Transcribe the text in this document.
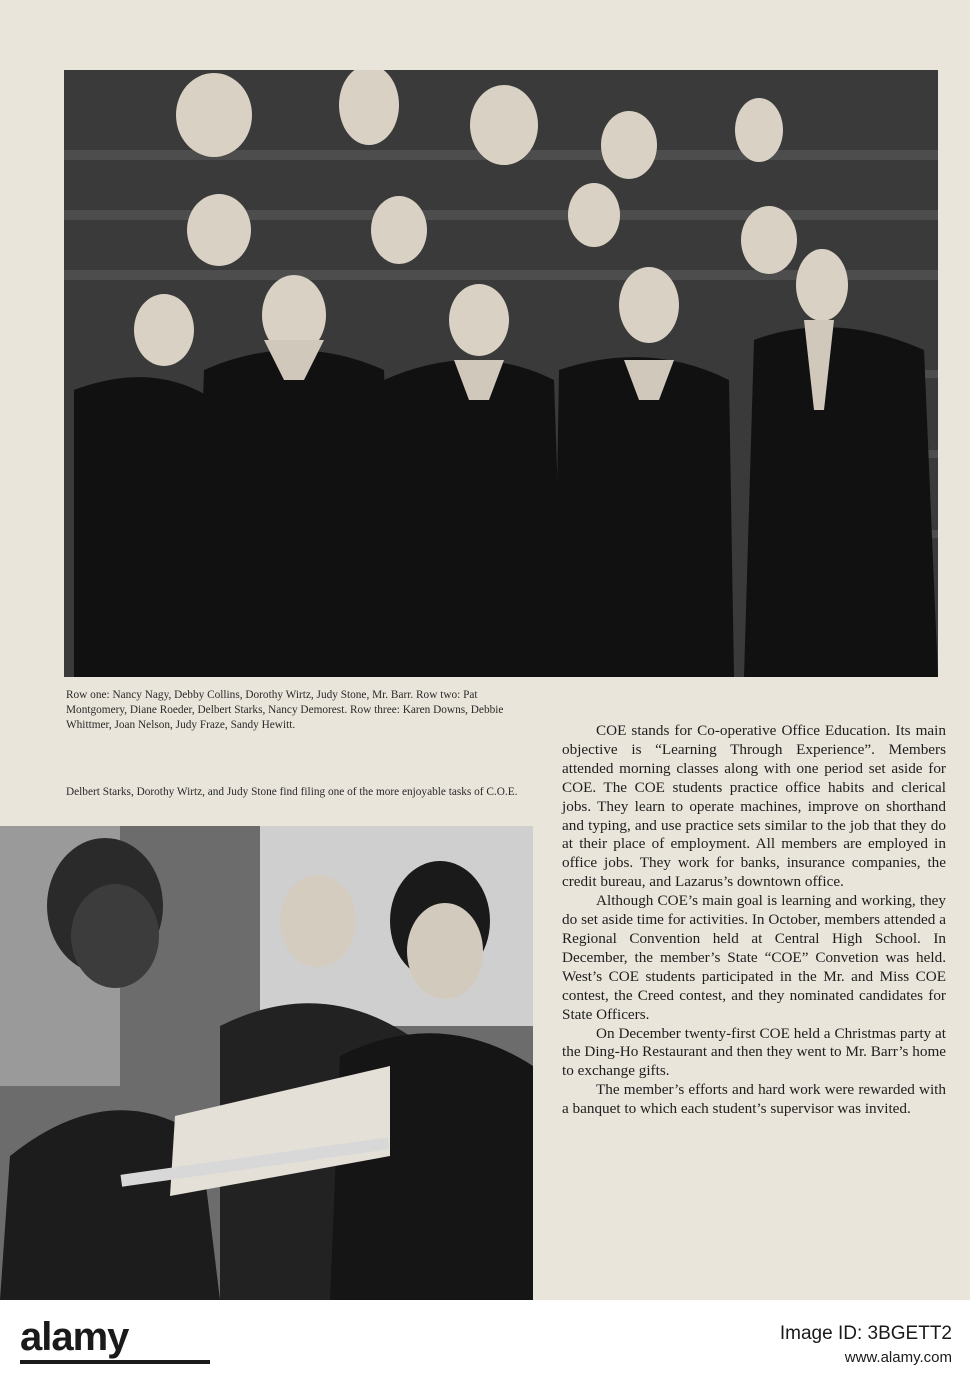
Row one: Nancy Nagy, Debby Collins, Dorothy Wirtz, Judy Stone, Mr. Barr. Row two: Pat Montgomery, Diane Roeder, Delbert Starks, Nancy Demorest. Row three: Karen Downs, Debbie Whittmer, Joan Nelson, Judy Fraze, Sandy Hewitt.
Delbert Starks, Dorothy Wirtz, and Judy Stone find filing one of the more enjoyable tasks of C.O.E.

COE stands for Co-operative Office Education. Its main objective is “Learning Through Experience”. Members attended morning classes along with one period set aside for COE. The COE students practice office habits and clerical jobs. They learn to operate machines, improve on shorthand and typing, and use practice sets similar to the job that they do at their place of employment. All members are employed in office jobs. They work for banks, insurance companies, the credit bureau, and Lazarus’s downtown office.

Although COE’s main goal is learning and working, they do set aside time for activities. In October, members attended a Regional Convention held at Central High School. In December, the member’s State “COE” Convetion was held. West’s COE students participated in the Mr. and Miss COE contest, the Creed contest, and they nominated candidates for State Officers.

On December twenty-first COE held a Christmas party at the Ding-Ho Restaurant and then they went to Mr. Barr’s home to exchange gifts.

The member’s efforts and hard work were rewarded with a banquet to which each student’s supervisor was invited.

alamy	Image ID: 3BGETT2
www.alamy.com
